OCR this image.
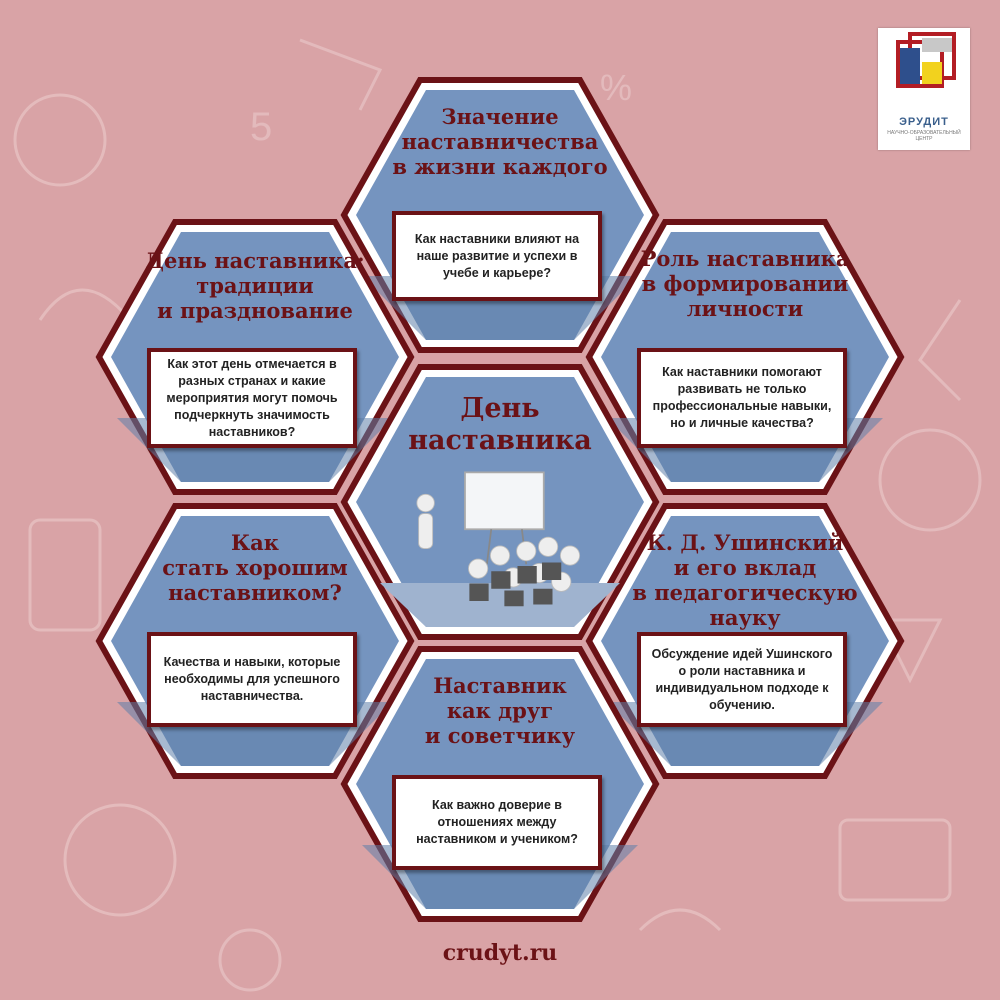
5
%
ЭРУДИТ
НАУЧНО-ОБРАЗОВАТЕЛЬНЫЙ ЦЕНТР
Значение
наставничества
в жизни каждого
Как наставники влияют на наше развитие и успехи в учебе и карьере?
День наставника:
традиции
и празднование
Как этот день отмечается в разных странах и какие мероприятия могут помочь подчеркнуть значимость наставников?
Роль наставника
в формировании
личности
Как наставники помогают развивать не только профессиональные навыки, но и личные качества?
Как
стать хорошим
наставником?
Качества и навыки, которые необходимы для успешного наставничества.
К. Д. Ушинский
и его вклад
в педагогическую науку
Обсуждение идей Ушинского о роли наставника и индивидуальном подходе к обучению.
Наставник
как друг
и советчику
Как важно доверие в отношениях между наставником и учеником?
День
наставника
crudyt.ru
